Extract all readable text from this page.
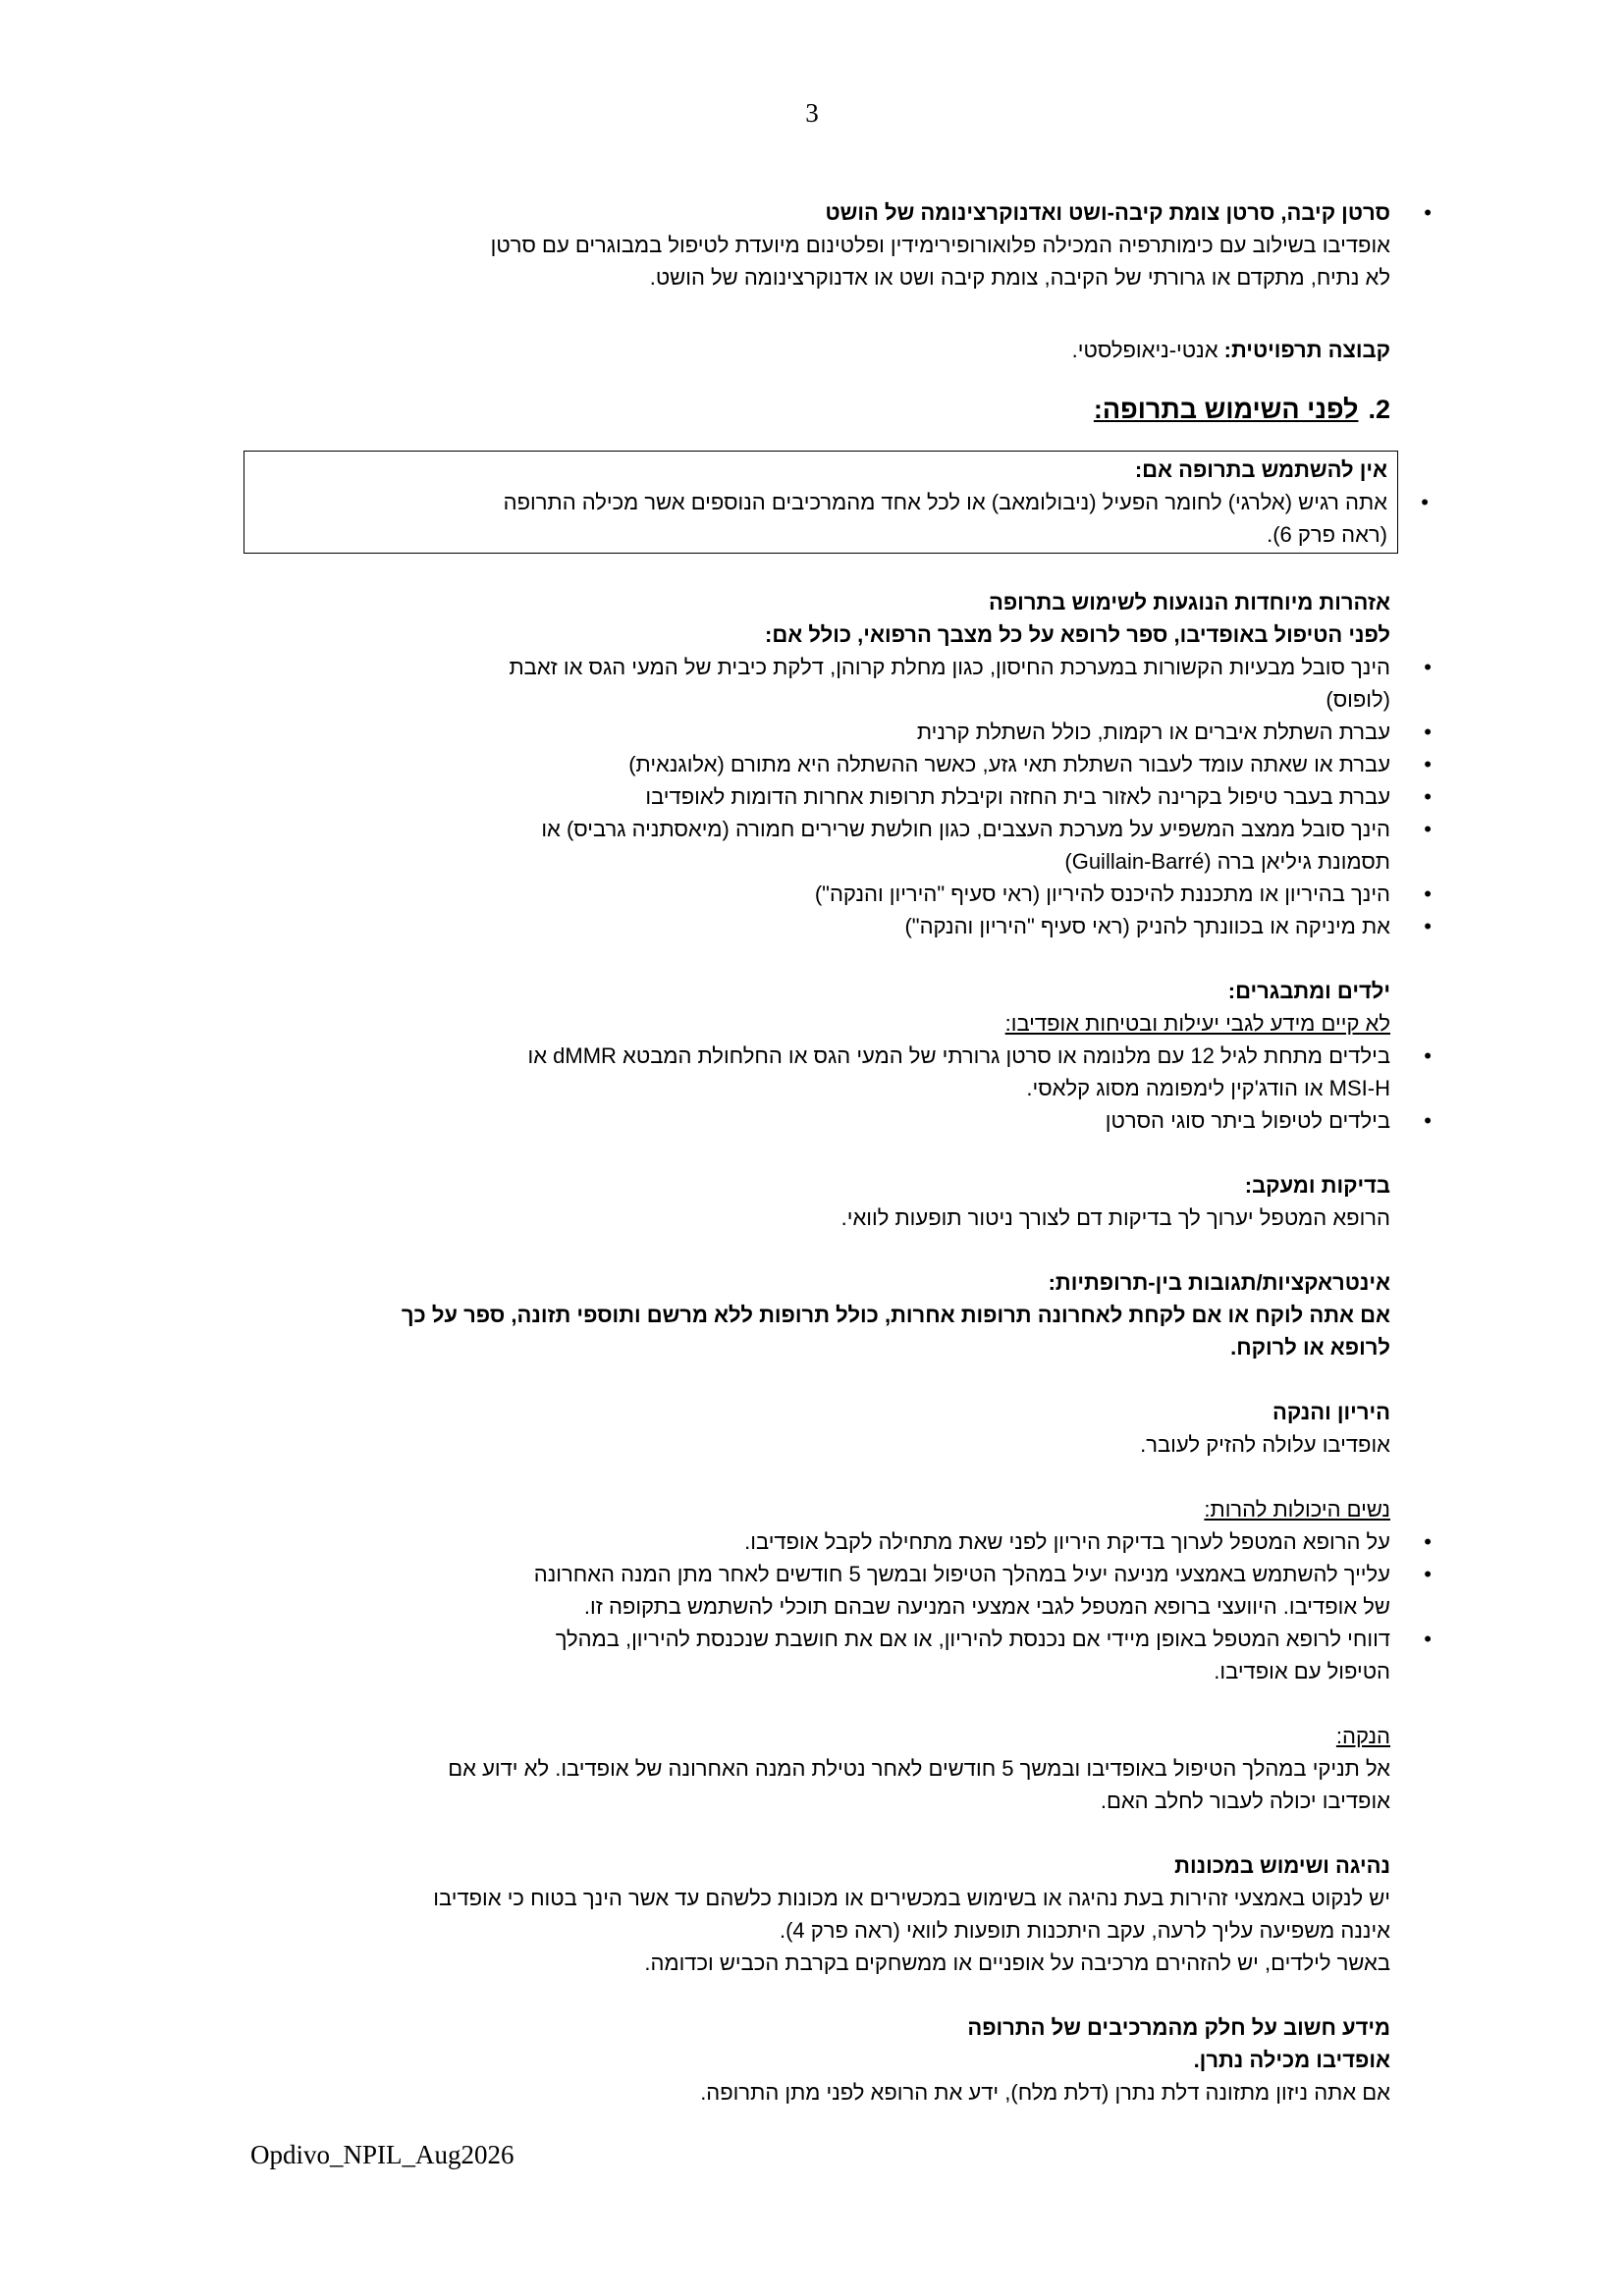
3

• סרטן קיבה, סרטן צומת קיבה-ושט ואדנוקרצינומה של הושט

אופדיבו בשילוב עם כימותרפיה המכילה פלואורופירימידין ופלטינום מיועדת לטיפול במבוגרים עם סרטן

לא נתיח, מתקדם או גרורתי של הקיבה, צומת קיבה ושט או אדנוקרצינומה של הושט.

קבוצה תרפויטית: אנטי-ניאופלסטי.

2.לפני השימוש בתרופה:

אין להשתמש בתרופה אם:

• אתה רגיש (אלרגי) לחומר הפעיל (ניבולומאב) או לכל אחד מהמרכיבים הנוספים אשר מכילה התרופה

(ראה פרק 6).

אזהרות מיוחדות הנוגעות לשימוש בתרופה

לפני הטיפול באופדיבו, ספר לרופא על כל מצבך הרפואי, כולל אם:

• הינך סובל מבעיות הקשורות במערכת החיסון, כגון מחלת קרוהן, דלקת כיבית של המעי הגס או זאבת

(לופוס)

• עברת השתלת איברים או רקמות, כולל השתלת קרנית

• עברת או שאתה עומד לעבור השתלת תאי גזע, כאשר ההשתלה היא מתורם (אלוגנאית)

• עברת בעבר טיפול בקרינה לאזור בית החזה וקיבלת תרופות אחרות הדומות לאופדיבו

• הינך סובל ממצב המשפיע על מערכת העצבים, כגון חולשת שרירים חמורה (מיאסתניה גרביס) או

תסמונת גיליאן ברה (Guillain-Barré)

• הינך בהיריון או מתכננת להיכנס להיריון (ראי סעיף "היריון והנקה")

• את מיניקה או בכוונתך להניק (ראי סעיף "היריון והנקה")

ילדים ומתבגרים:

לא קיים מידע לגבי יעילות ובטיחות אופדיבו:

• בילדים מתחת לגיל 12 עם מלנומה או סרטן גרורתי של המעי הגס או החלחולת המבטא dMMR או

MSI-H או הודג'קין לימפומה מסוג קלאסי.

• בילדים לטיפול ביתר סוגי הסרטן

בדיקות ומעקב:

הרופא המטפל יערוך לך בדיקות דם לצורך ניטור תופעות לוואי.

אינטראקציות/תגובות בין-תרופתיות:

אם אתה לוקח או אם לקחת לאחרונה תרופות אחרות, כולל תרופות ללא מרשם ותוספי תזונה, ספר על כך

לרופא או לרוקח.

היריון והנקה

אופדיבו עלולה להזיק לעובר.

נשים היכולות להרות:

• על הרופא המטפל לערוך בדיקת היריון לפני שאת מתחילה לקבל אופדיבו.

• עלייך להשתמש באמצעי מניעה יעיל במהלך הטיפול ובמשך 5 חודשים לאחר מתן המנה האחרונה

של אופדיבו. היוועצי ברופא המטפל לגבי אמצעי המניעה שבהם תוכלי להשתמש בתקופה זו.

• דווחי לרופא המטפל באופן מיידי אם נכנסת להיריון, או אם את חושבת שנכנסת להיריון, במהלך

הטיפול עם אופדיבו.

הנקה:

אל תניקי במהלך הטיפול באופדיבו ובמשך 5 חודשים לאחר נטילת המנה האחרונה של אופדיבו. לא ידוע אם

אופדיבו יכולה לעבור לחלב האם.

נהיגה ושימוש במכונות

יש לנקוט באמצעי זהירות בעת נהיגה או בשימוש במכשירים או מכונות כלשהם עד אשר הינך בטוח כי אופדיבו

איננה משפיעה עליך לרעה, עקב היתכנות תופעות לוואי (ראה פרק 4).

באשר לילדים, יש להזהירם מרכיבה על אופניים או ממשחקים בקרבת הכביש וכדומה.

מידע חשוב על חלק מהמרכיבים של התרופה

אופדיבו מכילה נתרן.

אם אתה ניזון מתזונה דלת נתרן (דלת מלח), ידע את הרופא לפני מתן התרופה.

Opdivo_NPIL_Aug2026
